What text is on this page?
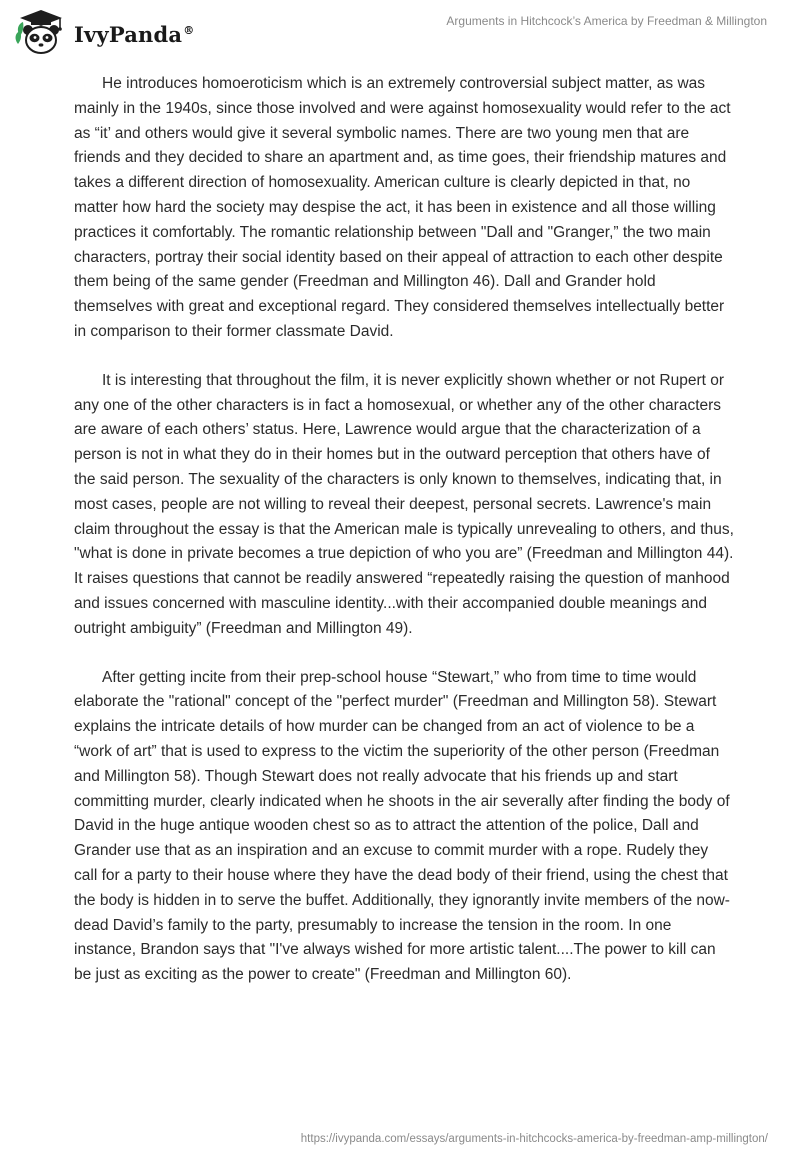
IvyPanda®
Arguments in Hitchcock’s America by Freedman & Millington

He introduces homoeroticism which is an extremely controversial subject matter, as was mainly in the 1940s, since those involved and were against homosexuality would refer to the act as “it’ and others would give it several symbolic names. There are two young men that are friends and they decided to share an apartment and, as time goes, their friendship matures and takes a different direction of homosexuality. American culture is clearly depicted in that, no matter how hard the society may despise the act, it has been in existence and all those willing practices it comfortably. The romantic relationship between "Dall and "Granger,” the two main characters, portray their social identity based on their appeal of attraction to each other despite them being of the same gender (Freedman and Millington 46). Dall and Grander hold themselves with great and exceptional regard. They considered themselves intellectually better in comparison to their former classmate David.

It is interesting that throughout the film, it is never explicitly shown whether or not Rupert or any one of the other characters is in fact a homosexual, or whether any of the other characters are aware of each others’ status. Here, Lawrence would argue that the characterization of a person is not in what they do in their homes but in the outward perception that others have of the said person. The sexuality of the characters is only known to themselves, indicating that, in most cases, people are not willing to reveal their deepest, personal secrets. Lawrence's main claim throughout the essay is that the American male is typically unrevealing to others, and thus, "what is done in private becomes a true depiction of who you are” (Freedman and Millington 44). It raises questions that cannot be readily answered “repeatedly raising the question of manhood and issues concerned with masculine identity...with their accompanied double meanings and outright ambiguity” (Freedman and Millington 49).

After getting incite from their prep-school house “Stewart,” who from time to time would elaborate the "rational" concept of the "perfect murder" (Freedman and Millington 58). Stewart explains the intricate details of how murder can be changed from an act of violence to be a “work of art” that is used to express to the victim the superiority of the other person (Freedman and Millington 58). Though Stewart does not really advocate that his friends up and start committing murder, clearly indicated when he shoots in the air severally after finding the body of David in the huge antique wooden chest so as to attract the attention of the police, Dall and Grander use that as an inspiration and an excuse to commit murder with a rope. Rudely they call for a party to their house where they have the dead body of their friend, using the chest that the body is hidden in to serve the buffet. Additionally, they ignorantly invite members of the now-dead David’s family to the party, presumably to increase the tension in the room. In one instance, Brandon says that "I've always wished for more artistic talent....The power to kill can be just as exciting as the power to create" (Freedman and Millington 60).

https://ivypanda.com/essays/arguments-in-hitchcocks-america-by-freedman-amp-millington/
